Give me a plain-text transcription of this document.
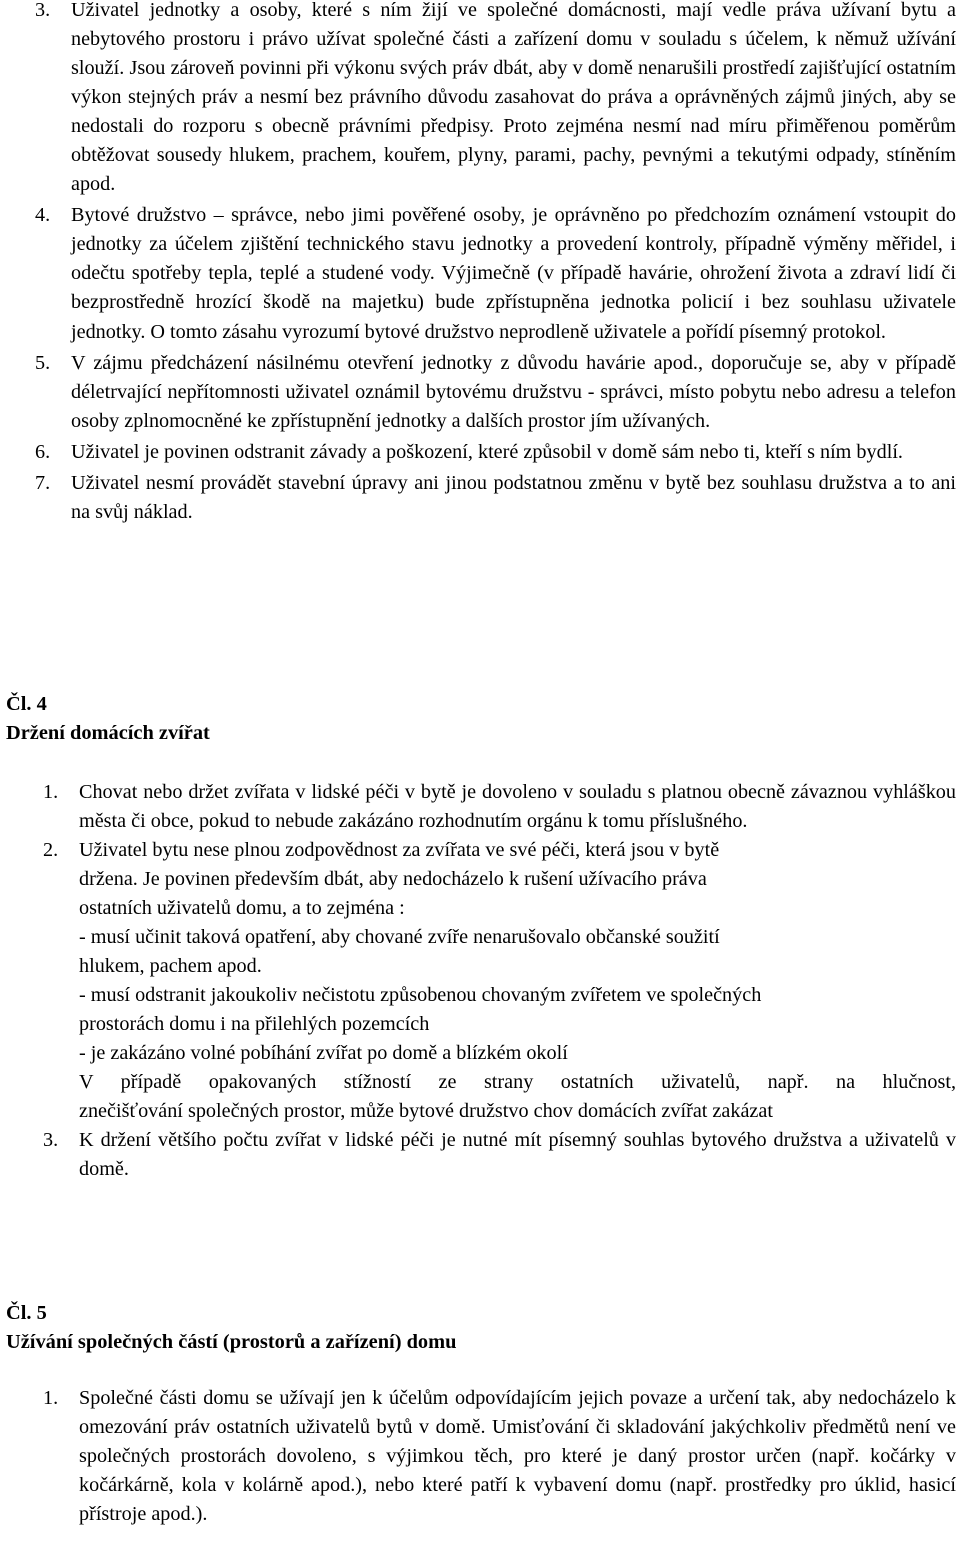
3. Uživatel jednotky a osoby, které s ním žijí ve společné domácnosti, mají vedle práva užívaní bytu a nebytového prostoru i právo užívat společné části a zařízení domu v souladu s účelem, k němuž užívání slouží. Jsou zároveň povinni při výkonu svých práv dbát, aby v domě nenarušili prostředí zajišťující ostatním výkon stejných práv a nesmí bez právního důvodu zasahovat do práva a oprávněných zájmů jiných, aby se nedostali do rozporu s obecně právními předpisy. Proto zejména nesmí nad míru přiměřenou poměrům obtěžovat sousedy hlukem, prachem, kouřem, plyny, parami, pachy, pevnými a tekutými odpady, stíněním apod.

4. Bytové družstvo – správce, nebo jimi pověřené osoby, je oprávněno po předchozím oznámení vstoupit do jednotky za účelem zjištění technického stavu jednotky a provedení kontroly, případně výměny měřidel, i odečtu spotřeby tepla, teplé a studené vody. Výjimečně (v případě havárie, ohrožení života a zdraví lidí či bezprostředně hrozící škodě na majetku) bude zpřístupněna jednotka policií i bez souhlasu uživatele jednotky. O tomto zásahu vyrozumí bytové družstvo neprodleně uživatele a pořídí písemný protokol.

5. V zájmu předcházení násilnému otevření jednotky z důvodu havárie apod., doporučuje se, aby v případě déletrvající nepřítomnosti uživatel oznámil bytovému družstvu - správci, místo pobytu nebo adresu a telefon osoby zplnomocněné ke zpřístupnění jednotky a dalších prostor jím užívaných.

6. Uživatel je povinen odstranit závady a poškození, které způsobil v domě sám nebo ti, kteří s ním bydlí.

7. Uživatel nesmí provádět stavební úpravy ani jinou podstatnou změnu v bytě bez souhlasu družstva a to ani na svůj náklad.

Čl. 4
Držení domácích zvířat
1. Chovat nebo držet zvířata v lidské péči v bytě je dovoleno v souladu s platnou obecně závaznou vyhláškou města či obce, pokud to nebude zakázáno rozhodnutím orgánu k tomu příslušného.

2. Uživatel bytu nese plnou zodpovědnost za zvířata ve své péči, která jsou v bytě
držena. Je povinen především dbát, aby nedocházelo k rušení užívacího práva
ostatních uživatelů domu, a to zejména :
- musí učinit taková opatření, aby chované zvíře nenarušovalo občanské soužití
hlukem, pachem apod.
- musí odstranit jakoukoliv nečistotu způsobenou chovaným zvířetem ve společných
prostorách domu i na přilehlých pozemcích
- je zakázáno volné pobíhání zvířat po domě a blízkém okolí
V případě opakovaných stížností ze strany ostatních uživatelů, např. na hlučnost,
znečišťování společných prostor, může bytové družstvo chov domácích zvířat zakázat
3. K držení většího počtu zvířat v lidské péči je nutné mít písemný souhlas bytového družstva a uživatelů v domě.

Čl. 5
Užívání společných částí (prostorů a zařízení) domu
1. Společné části domu se užívají jen k účelům odpovídajícím jejich povaze a určení tak, aby nedocházelo k omezování práv ostatních uživatelů bytů v domě. Umisťování či skladování jakýchkoliv předmětů není ve společných prostorách dovoleno, s výjimkou těch, pro které je daný prostor určen (např. kočárky v kočárkárně, kola v kolárně apod.), nebo které patří k vybavení domu (např. prostředky pro úklid, hasicí přístroje apod.).
